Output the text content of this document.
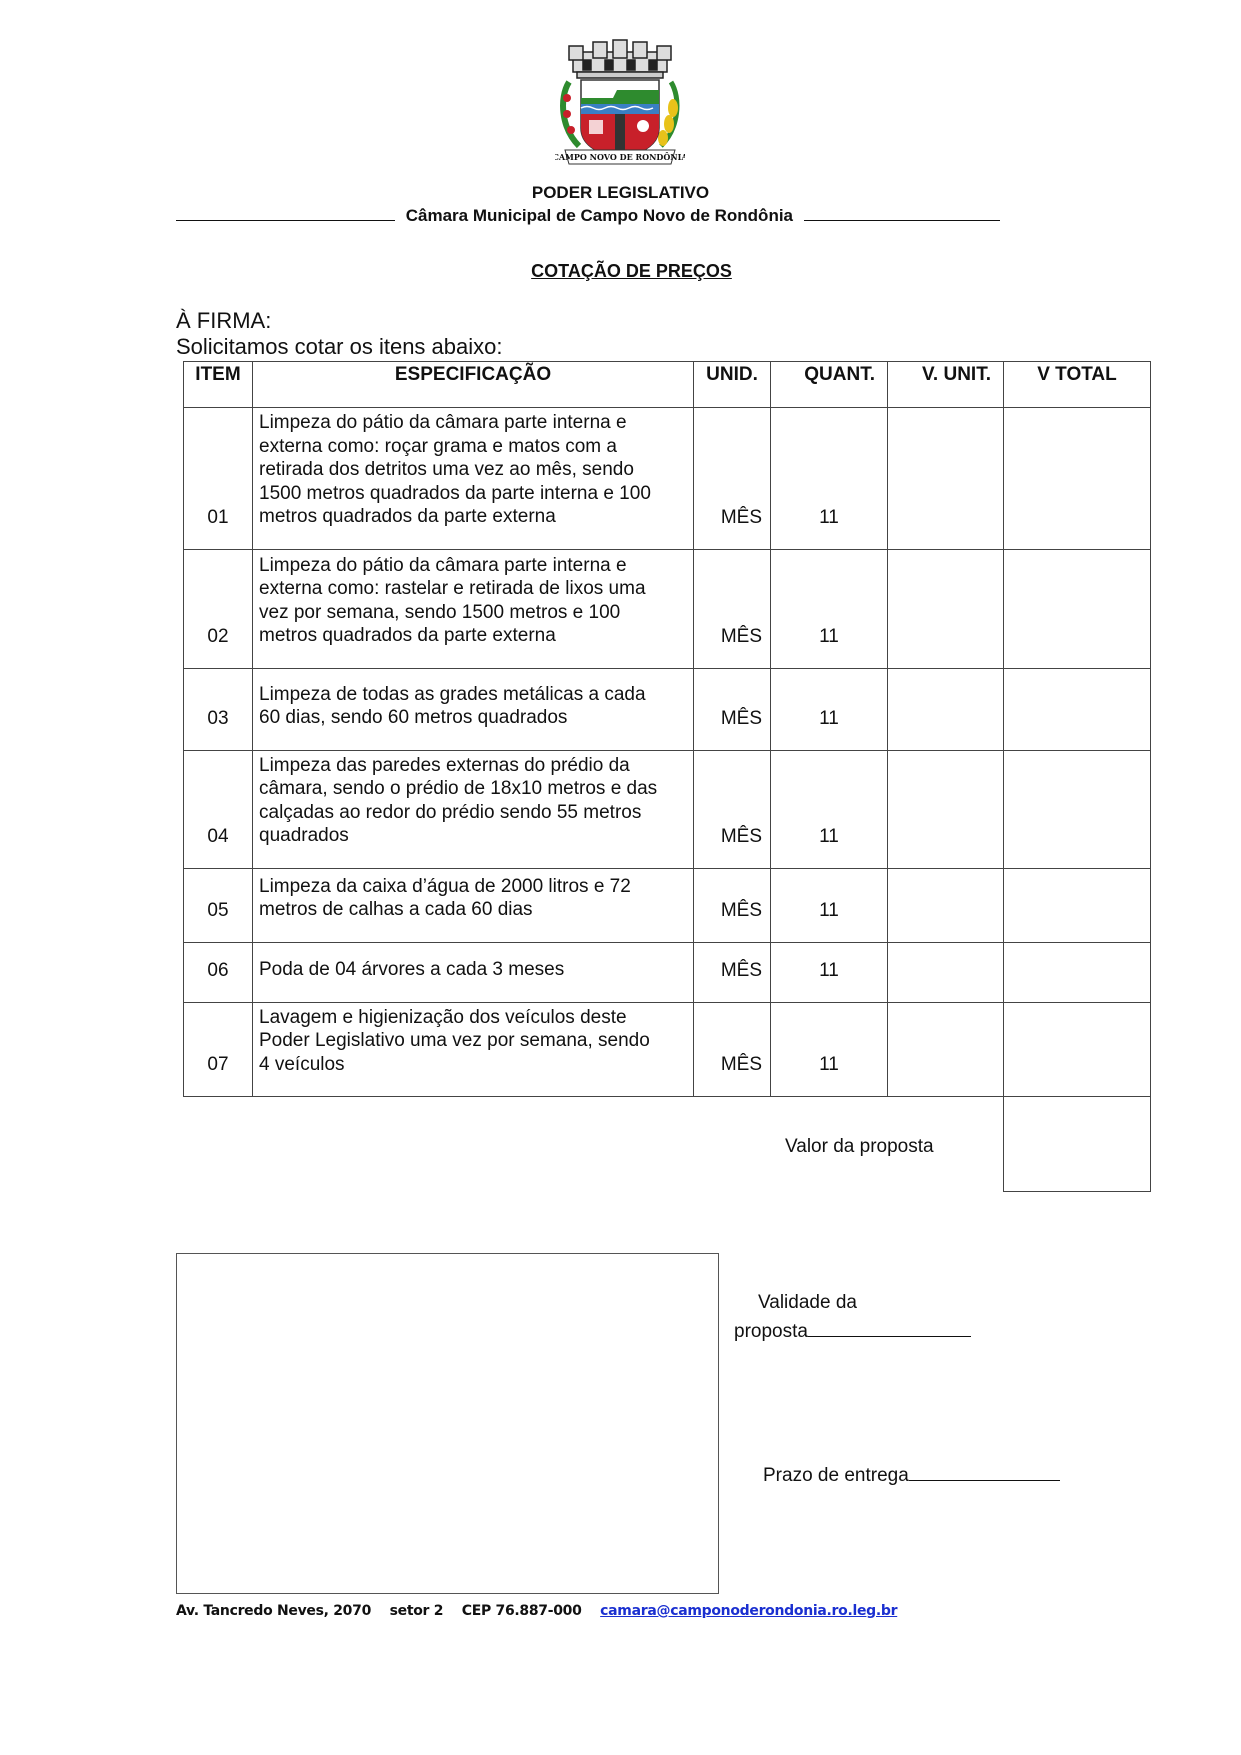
CAMPO NOVO DE RONDÔNIA
PODER LEGISLATIVO
Câmara Municipal de Campo Novo de Rondônia
COTAÇÃO DE PREÇOS
À FIRMA:
Solicitamos cotar os itens abaixo:
ITEM	ESPECIFICAÇÃO	UNID.	QUANT.	V. UNIT.	V TOTAL
01	Limpeza do pátio da câmara parte interna e
externa como: roçar grama e matos com a
retirada dos detritos uma vez ao mês, sendo
1500 metros quadrados da parte interna e 100
metros quadrados da parte externa	MÊS	11		
02	Limpeza do pátio da câmara parte interna e
externa como: rastelar e retirada de lixos uma
vez por semana, sendo 1500 metros e 100
metros quadrados da parte externa	MÊS	11		
03	Limpeza de todas as grades metálicas a cada
60 dias, sendo 60 metros quadrados	MÊS	11		
04	Limpeza das paredes externas do prédio da
câmara, sendo o prédio de 18x10 metros e das
calçadas ao redor do prédio sendo 55 metros
quadrados	MÊS	11		
05	Limpeza da caixa d’água de 2000 litros e 72
metros de calhas a cada 60 dias	MÊS	11		
06	Poda de 04 árvores a cada 3 meses	MÊS	11		
07	Lavagem e higienização dos veículos deste
Poder Legislativo uma vez por semana, sendo
4 veículos	MÊS	11		
Valor da proposta
Validade da
proposta
Prazo de entrega
Av. Tancredo Neves, 2070 setor 2 CEP 76.887-000 camara@camponoderondonia.ro.leg.br
